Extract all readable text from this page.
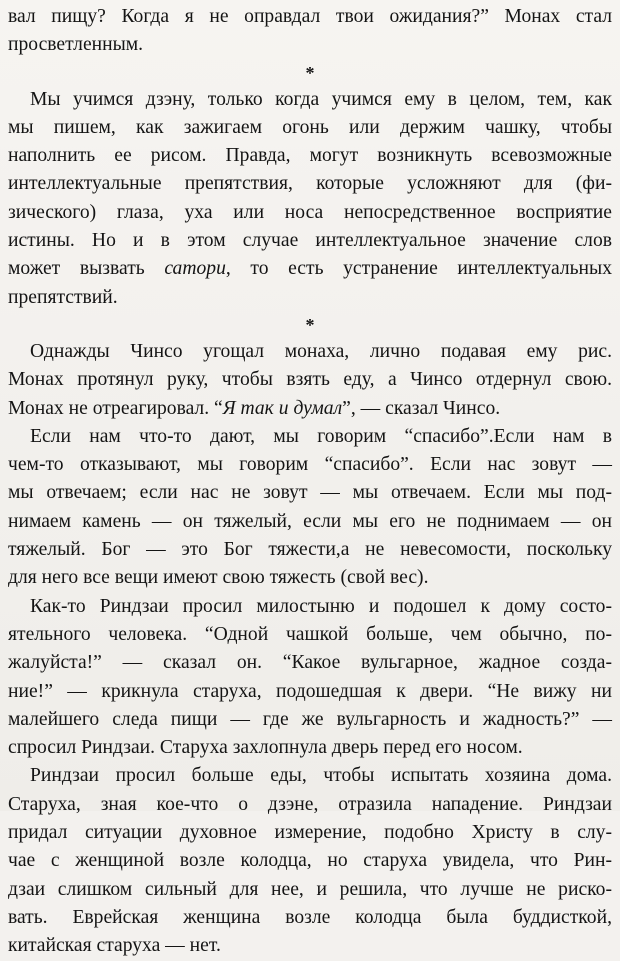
вал пищу? Когда я не оправдал твои ожидания?” Монах стал
просветленным.
*
Мы учимся дзэну, только когда учимся ему в целом, тем, как
мы пишем, как зажигаем огонь или держим чашку, чтобы
наполнить ее рисом. Правда, могут возникнуть всевозможные
интеллектуальные препятствия, которые усложняют для (фи-
зического) глаза, уха или носа непосредственное восприятие
истины. Но и в этом случае интеллектуальное значение слов
может вызвать сатори, то есть устранение интеллектуальных
препятствий.
*
Однажды Чинсо угощал монаха, лично подавая ему рис.
Монах протянул руку, чтобы взять еду, а Чинсо отдернул свою.
Монах не отреагировал. “Я так и думал”, — сказал Чинсо.
Если нам что-то дают, мы говорим “спасибо”.Если нам в
чем-то отказывают, мы говорим “спасибо”. Если нас зовут —
мы отвечаем; если нас не зовут — мы отвечаем. Если мы под-
нимаем камень — он тяжелый, если мы его не поднимаем — он
тяжелый. Бог — это Бог тяжести,а не невесомости, поскольку
для него все вещи имеют свою тяжесть (свой вес).
Как-то Риндзаи просил милостыню и подошел к дому состо-
ятельного человека. “Одной чашкой больше, чем обычно, по-
жалуйста!” — сказал он. “Какое вульгарное, жадное созда-
ние!” — крикнула старуха, подошедшая к двери. “Не вижу ни
малейшего следа пищи — где же вульгарность и жадность?” —
спросил Риндзаи. Старуха захлопнула дверь перед его носом.
Риндзаи просил больше еды, чтобы испытать хозяина дома.
Старуха, зная кое-что о дзэне, отразила нападение. Риндзаи
придал ситуации духовное измерение, подобно Христу в слу-
чае с женщиной возле колодца, но старуха увидела, что Рин-
дзаи слишком сильный для нее, и решила, что лучше не риско-
вать. Еврейская женщина возле колодца была буддисткой,
китайская старуха — нет.
